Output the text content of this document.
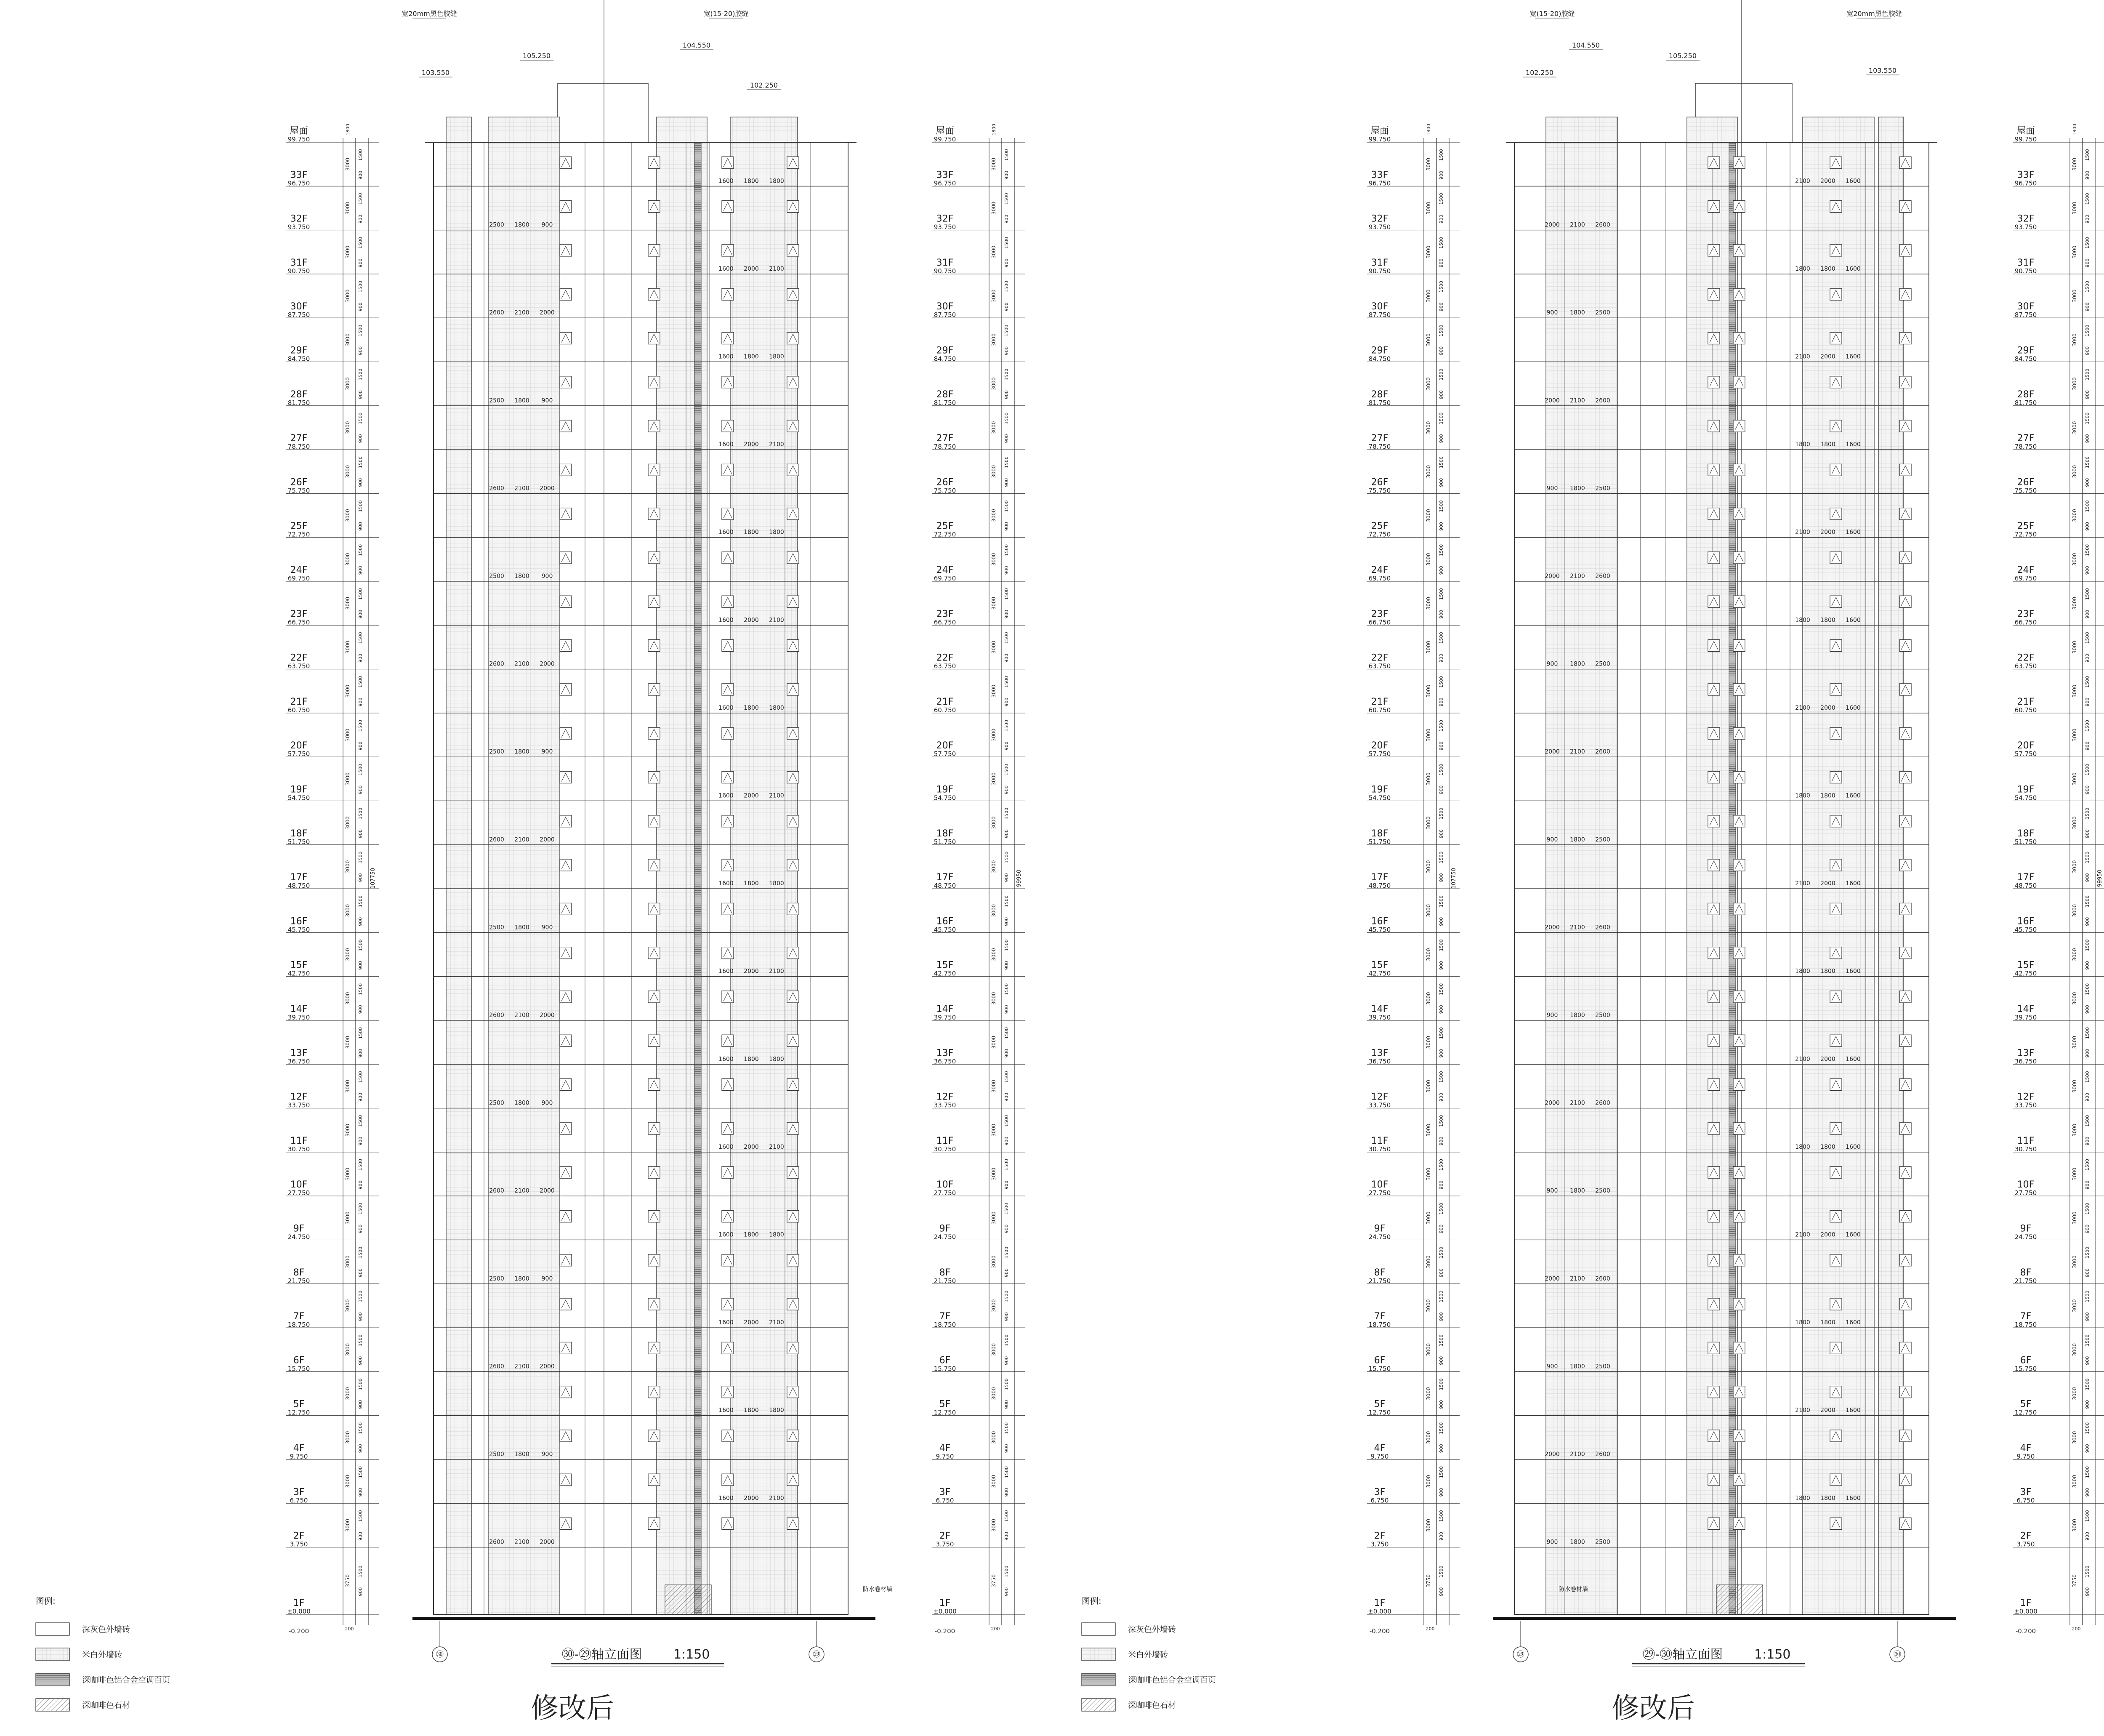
2600 2100 2000
1600 2000 2100
2500 1800 900
1600 1800 1800
2600 2100 2000
1600 2000 2100
2500 1800 900
1600 1800 1800
2600 2100 2000
1600 2000 2100
2500 1800 900
1600 1800 1800
2600 2100 2000
1600 2000 2100
2500 1800 900
1600 1800 1800
2600 2100 2000
1600 2000 2100
2500 1800 900
1600 1800 1800
2600 2100 2000
1600 2000 2100
2500 1800 900
1600 1800 1800
2600 2100 2000
1600 2000 2100
2500 1800 900
1600 1800 1800
2600 2100 2000
1600 2000 2100
2500 1800 900
1600 1800 1800
防水卷材墙
宽20mm黑色胶缝
105.250
宽(15-20)胶缝
104.550
103.550
102.250
1F
±0.000
3750
1500
900
2F
3.750
3000
1500
900
3F
6.750
3000
1500
900
4F
9.750
3000
1500
900
5F
12.750
3000
1500
900
6F
15.750
3000
1500
900
7F
18.750
3000
1500
900
8F
21.750
3000
1500
900
9F
24.750
3000
1500
900
10F
27.750
3000
1500
900
11F
30.750
3000
1500
900
12F
33.750
3000
1500
900
13F
36.750
3000
1500
900
14F
39.750
3000
1500
900
15F
42.750
3000
1500
900
16F
45.750
3000
1500
900
17F
48.750
3000
1500
900
18F
51.750
3000
1500
900
19F
54.750
3000
1500
900
20F
57.750
3000
1500
900
21F
60.750
3000
1500
900
22F
63.750
3000
1500
900
23F
66.750
3000
1500
900
24F
69.750
3000
1500
900
25F
72.750
3000
1500
900
26F
75.750
3000
1500
900
27F
78.750
3000
1500
900
28F
81.750
3000
1500
900
29F
84.750
3000
1500
900
30F
87.750
3000
1500
900
31F
90.750
3000
1500
900
32F
93.750
3000
1500
900
33F
96.750
3000
1500
900
屋面
99.750
1800
-0.200	200
107750
1F
±0.000
3750
1500
900
2F
3.750
3000
1500
900
3F
6.750
3000
1500
900
4F
9.750
3000
1500
900
5F
12.750
3000
1500
900
6F
15.750
3000
1500
900
7F
18.750
3000
1500
900
8F
21.750
3000
1500
900
9F
24.750
3000
1500
900
10F
27.750
3000
1500
900
11F
30.750
3000
1500
900
12F
33.750
3000
1500
900
13F
36.750
3000
1500
900
14F
39.750
3000
1500
900
15F
42.750
3000
1500
900
16F
45.750
3000
1500
900
17F
48.750
3000
1500
900
18F
51.750
3000
1500
900
19F
54.750
3000
1500
900
20F
57.750
3000
1500
900
21F
60.750
3000
1500
900
22F
63.750
3000
1500
900
23F
66.750
3000
1500
900
24F
69.750
3000
1500
900
25F
72.750
3000
1500
900
26F
75.750
3000
1500
900
27F
78.750
3000
1500
900
28F
81.750
3000
1500
900
29F
84.750
3000
1500
900
30F
87.750
3000
1500
900
31F
90.750
3000
1500
900
32F
93.750
3000
1500
900
33F
96.750
3000
1500
900
屋面
99.750
1800
-0.200	200
99950
㉚	㉙
㉚-㉙轴立面图 1:150
修改后
图例:
深灰色外墙砖
米白外墙砖
深咖啡色铝合金空调百页
深咖啡色石材
900 1800 2500
1800 1800 1600
2000 2100 2600
2100 2000 1600
900 1800 2500
1800 1800 1600
2000 2100 2600
2100 2000 1600
900 1800 2500
1800 1800 1600
2000 2100 2600
2100 2000 1600
900 1800 2500
1800 1800 1600
2000 2100 2600
2100 2000 1600
900 1800 2500
1800 1800 1600
2000 2100 2600
2100 2000 1600
900 1800 2500
1800 1800 1600
2000 2100 2600
2100 2000 1600
900 1800 2500
1800 1800 1600
2000 2100 2600
2100 2000 1600
900 1800 2500
1800 1800 1600
2000 2100 2600
2100 2000 1600
防水卷材墙
宽(15-20)胶缝
105.250
宽20mm黑色胶缝
104.550
102.250	103.550
1F
±0.000
3750
1500
900
2F
3.750
3000
1500
900
3F
6.750
3000
1500
900
4F
9.750
3000
1500
900
5F
12.750
3000
1500
900
6F
15.750
3000
1500
900
7F
18.750
3000
1500
900
8F
21.750
3000
1500
900
9F
24.750
3000
1500
900
10F
27.750
3000
1500
900
11F
30.750
3000
1500
900
12F
33.750
3000
1500
900
13F
36.750
3000
1500
900
14F
39.750
3000
1500
900
15F
42.750
3000
1500
900
16F
45.750
3000
1500
900
17F
48.750
3000
1500
900
18F
51.750
3000
1500
900
19F
54.750
3000
1500
900
20F
57.750
3000
1500
900
21F
60.750
3000
1500
900
22F
63.750
3000
1500
900
23F
66.750
3000
1500
900
24F
69.750
3000
1500
900
25F
72.750
3000
1500
900
26F
75.750
3000
1500
900
27F
78.750
3000
1500
900
28F
81.750
3000
1500
900
29F
84.750
3000
1500
900
30F
87.750
3000
1500
900
31F
90.750
3000
1500
900
32F
93.750
3000
1500
900
33F
96.750
3000
1500
900
屋面
99.750
1800
-0.200	200
107750
1F
±0.000
3750
1500
900
2F
3.750
3000
1500
900
3F
6.750
3000
1500
900
4F
9.750
3000
1500
900
5F
12.750
3000
1500
900
6F
15.750
3000
1500
900
7F
18.750
3000
1500
900
8F
21.750
3000
1500
900
9F
24.750
3000
1500
900
10F
27.750
3000
1500
900
11F
30.750
3000
1500
900
12F
33.750
3000
1500
900
13F
36.750
3000
1500
900
14F
39.750
3000
1500
900
15F
42.750
3000
1500
900
16F
45.750
3000
1500
900
17F
48.750
3000
1500
900
18F
51.750
3000
1500
900
19F
54.750
3000
1500
900
20F
57.750
3000
1500
900
21F
60.750
3000
1500
900
22F
63.750
3000
1500
900
23F
66.750
3000
1500
900
24F
69.750
3000
1500
900
25F
72.750
3000
1500
900
26F
75.750
3000
1500
900
27F
78.750
3000
1500
900
28F
81.750
3000
1500
900
29F
84.750
3000
1500
900
30F
87.750
3000
1500
900
31F
90.750
3000
1500
900
32F
93.750
3000
1500
900
33F
96.750
3000
1500
900
屋面
99.750
1800
-0.200	200
99950
㉙	㉚
㉙-㉚轴立面图 1:150
修改后
图例:
深灰色外墙砖
米白外墙砖
深咖啡色铝合金空调百页
深咖啡色石材
